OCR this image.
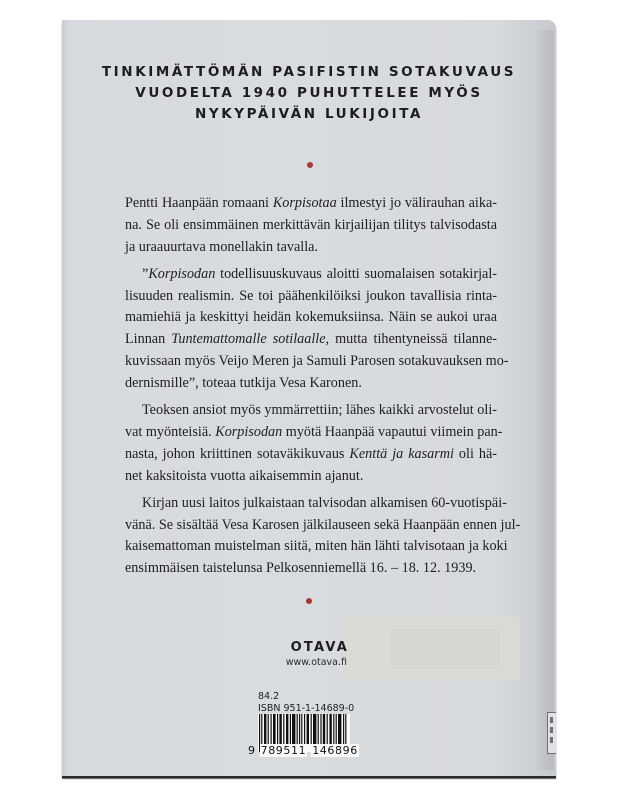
TINKIMÄTTÖMÄN PASIFISTIN SOTAKUVAUS
VUODELTA 1940 PUHUTTELEE MYÖS
NYKYPÄIVÄN LUKIJOITA

Pentti Haanpään romaani Korpisotaa ilmestyi jo välirauhan aika-
na. Se oli ensimmäinen merkittävän kirjailijan tilitys talvisodasta
ja uraauurtava monellakin tavalla.

”Korpisodan todellisuuskuvaus aloitti suomalaisen sotakirjal-
lisuuden realismin. Se toi päähenkilöiksi joukon tavallisia rinta-
mamiehiä ja keskittyi heidän kokemuksiinsa. Näin se aukoi uraa
Linnan Tuntemattomalle sotilaalle, mutta tihentyneissä tilanne-
kuvissaan myös Veijo Meren ja Samuli Parosen sotakuvauksen mo-
dernismille”, toteaa tutkija Vesa Karonen.

Teoksen ansiot myös ymmärrettiin; lähes kaikki arvostelut oli-
vat myönteisiä. Korpisodan myötä Haanpää vapautui viimein pan-
nasta, johon kriittinen sotaväkikuvaus Kenttä ja kasarmi oli hä-
net kaksitoista vuotta aikaisemmin ajanut.

Kirjan uusi laitos julkaistaan talvisodan alkamisen 60-vuotispäi-
vänä. Se sisältää Vesa Karosen jälkilauseen sekä Haanpään ennen jul-
kaisemattoman muistelman siitä, miten hän lähti talvisotaan ja koki
ensimmäisen taistelunsa Pelkosenniemellä 16. – 18. 12. 1939.

OTAVA
www.otava.fi
84.2
ISBN 951-1-14689-0
9 789511 146896
